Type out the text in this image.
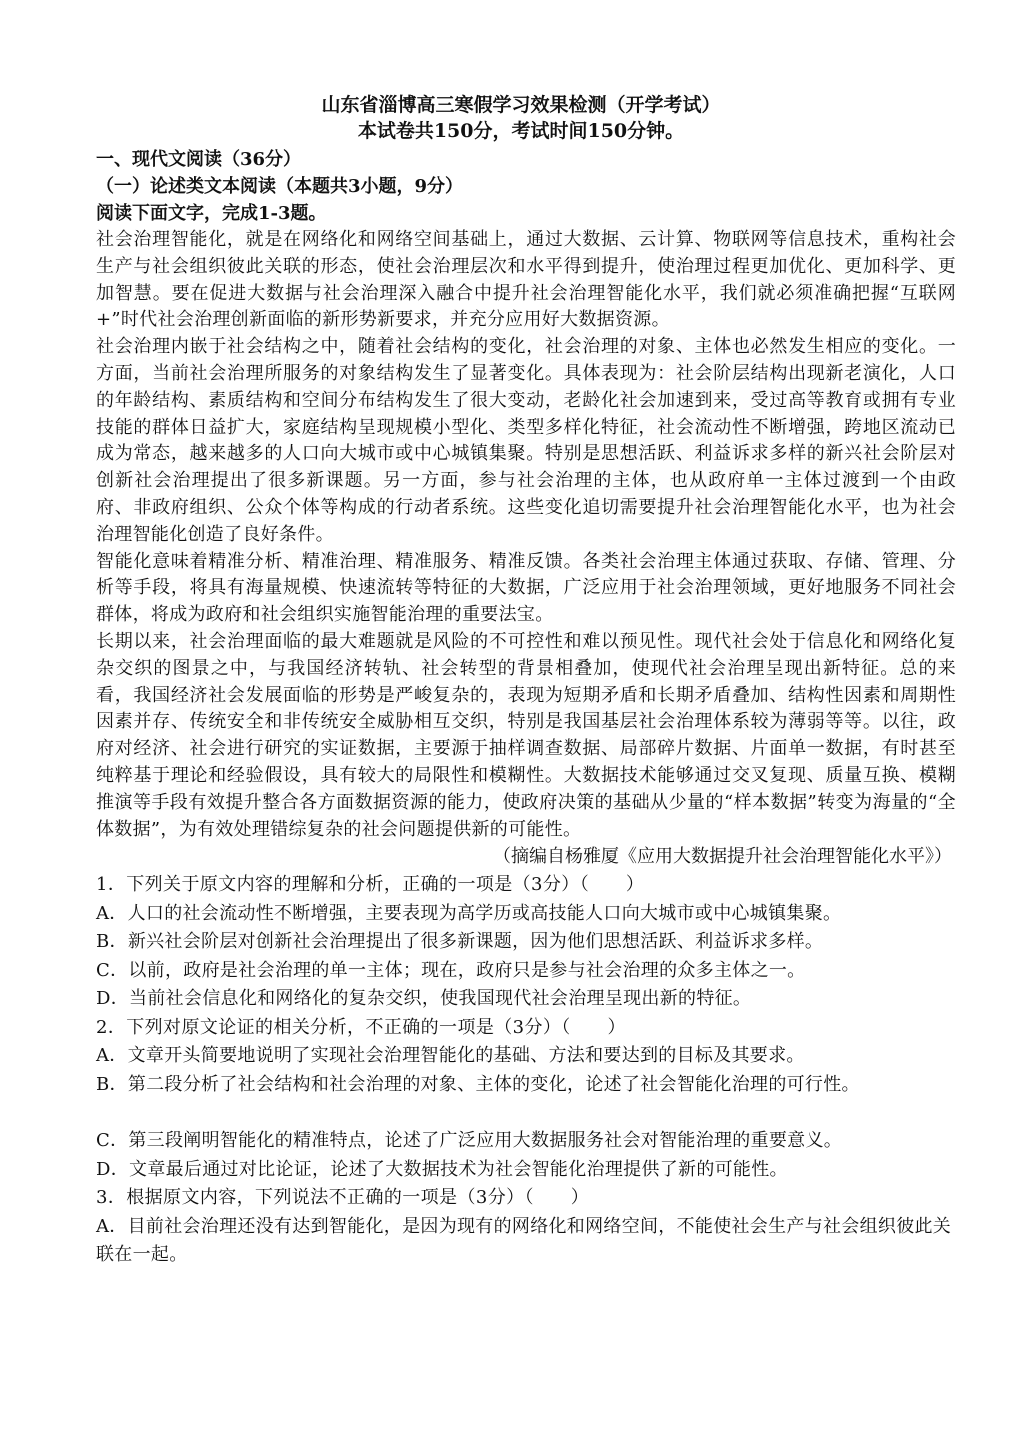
山东省淄博高三寒假学习效果检测（开学考试）

本试卷共150分，考试时间150分钟。

一、现代文阅读（36分）

（一）论述类文本阅读（本题共3小题，9分）

阅读下面文字，完成1-3题。

社会治理智能化，就是在网络化和网络空间基础上，通过大数据、云计算、物联网等信息技术，重构社会生产与社会组织彼此关联的形态，使社会治理层次和水平得到提升，使治理过程更加优化、更加科学、更加智慧。要在促进大数据与社会治理深入融合中提升社会治理智能化水平，我们就必须准确把握“互联网+”时代社会治理创新面临的新形势新要求，并充分应用好大数据资源。

社会治理内嵌于社会结构之中，随着社会结构的变化，社会治理的对象、主体也必然发生相应的变化。一方面，当前社会治理所服务的对象结构发生了显著变化。具体表现为：社会阶层结构出现新老演化，人口的年龄结构、素质结构和空间分布结构发生了很大变动，老龄化社会加速到来，受过高等教育或拥有专业技能的群体日益扩大，家庭结构呈现规模小型化、类型多样化特征，社会流动性不断增强，跨地区流动已成为常态，越来越多的人口向大城市或中心城镇集聚。特别是思想活跃、利益诉求多样的新兴社会阶层对创新社会治理提出了很多新课题。另一方面，参与社会治理的主体，也从政府单一主体过渡到一个由政府、非政府组织、公众个体等构成的行动者系统。这些变化追切需要提升社会治理智能化水平，也为社会治理智能化创造了良好条件。

智能化意味着精准分析、精准治理、精准服务、精准反馈。各类社会治理主体通过获取、存储、管理、分析等手段，将具有海量规模、快速流转等特征的大数据，广泛应用于社会治理领域，更好地服务不同社会群体，将成为政府和社会组织实施智能治理的重要法宝。

长期以来，社会治理面临的最大难题就是风险的不可控性和难以预见性。现代社会处于信息化和网络化复杂交织的图景之中，与我国经济转轨、社会转型的背景相叠加，使现代社会治理呈现出新特征。总的来看，我国经济社会发展面临的形势是严峻复杂的，表现为短期矛盾和长期矛盾叠加、结构性因素和周期性因素并存、传统安全和非传统安全威胁相互交织，特别是我国基层社会治理体系较为薄弱等等。以往，政府对经济、社会进行研究的实证数据，主要源于抽样调查数据、局部碎片数据、片面单一数据，有时甚至纯粹基于理论和经验假设，具有较大的局限性和模糊性。大数据技术能够通过交叉复现、质量互换、模糊推演等手段有效提升整合各方面数据资源的能力，使政府决策的基础从少量的“样本数据”转变为海量的“全体数据”，为有效处理错综复杂的社会问题提供新的可能性。

（摘编自杨雅厦《应用大数据提升社会治理智能化水平》）

1．下列关于原文内容的理解和分析，正确的一项是（3分）（　　）

A．人口的社会流动性不断增强，主要表现为高学历或高技能人口向大城市或中心城镇集聚。

B．新兴社会阶层对创新社会治理提出了很多新课题，因为他们思想活跃、利益诉求多样。

C．以前，政府是社会治理的单一主体；现在，政府只是参与社会治理的众多主体之一。

D．当前社会信息化和网络化的复杂交织，使我国现代社会治理呈现出新的特征。

2．下列对原文论证的相关分析，不正确的一项是（3分）（　　）

A．文章开头简要地说明了实现社会治理智能化的基础、方法和要达到的目标及其要求。

B．第二段分析了社会结构和社会治理的对象、主体的变化，论述了社会智能化治理的可行性。

C．第三段阐明智能化的精准特点，论述了广泛应用大数据服务社会对智能治理的重要意义。

D．文章最后通过对比论证，论述了大数据技术为社会智能化治理提供了新的可能性。

3．根据原文内容，下列说法不正确的一项是（3分）（　　）

A．目前社会治理还没有达到智能化，是因为现有的网络化和网络空间，不能使社会生产与社会组织彼此关联在一起。
